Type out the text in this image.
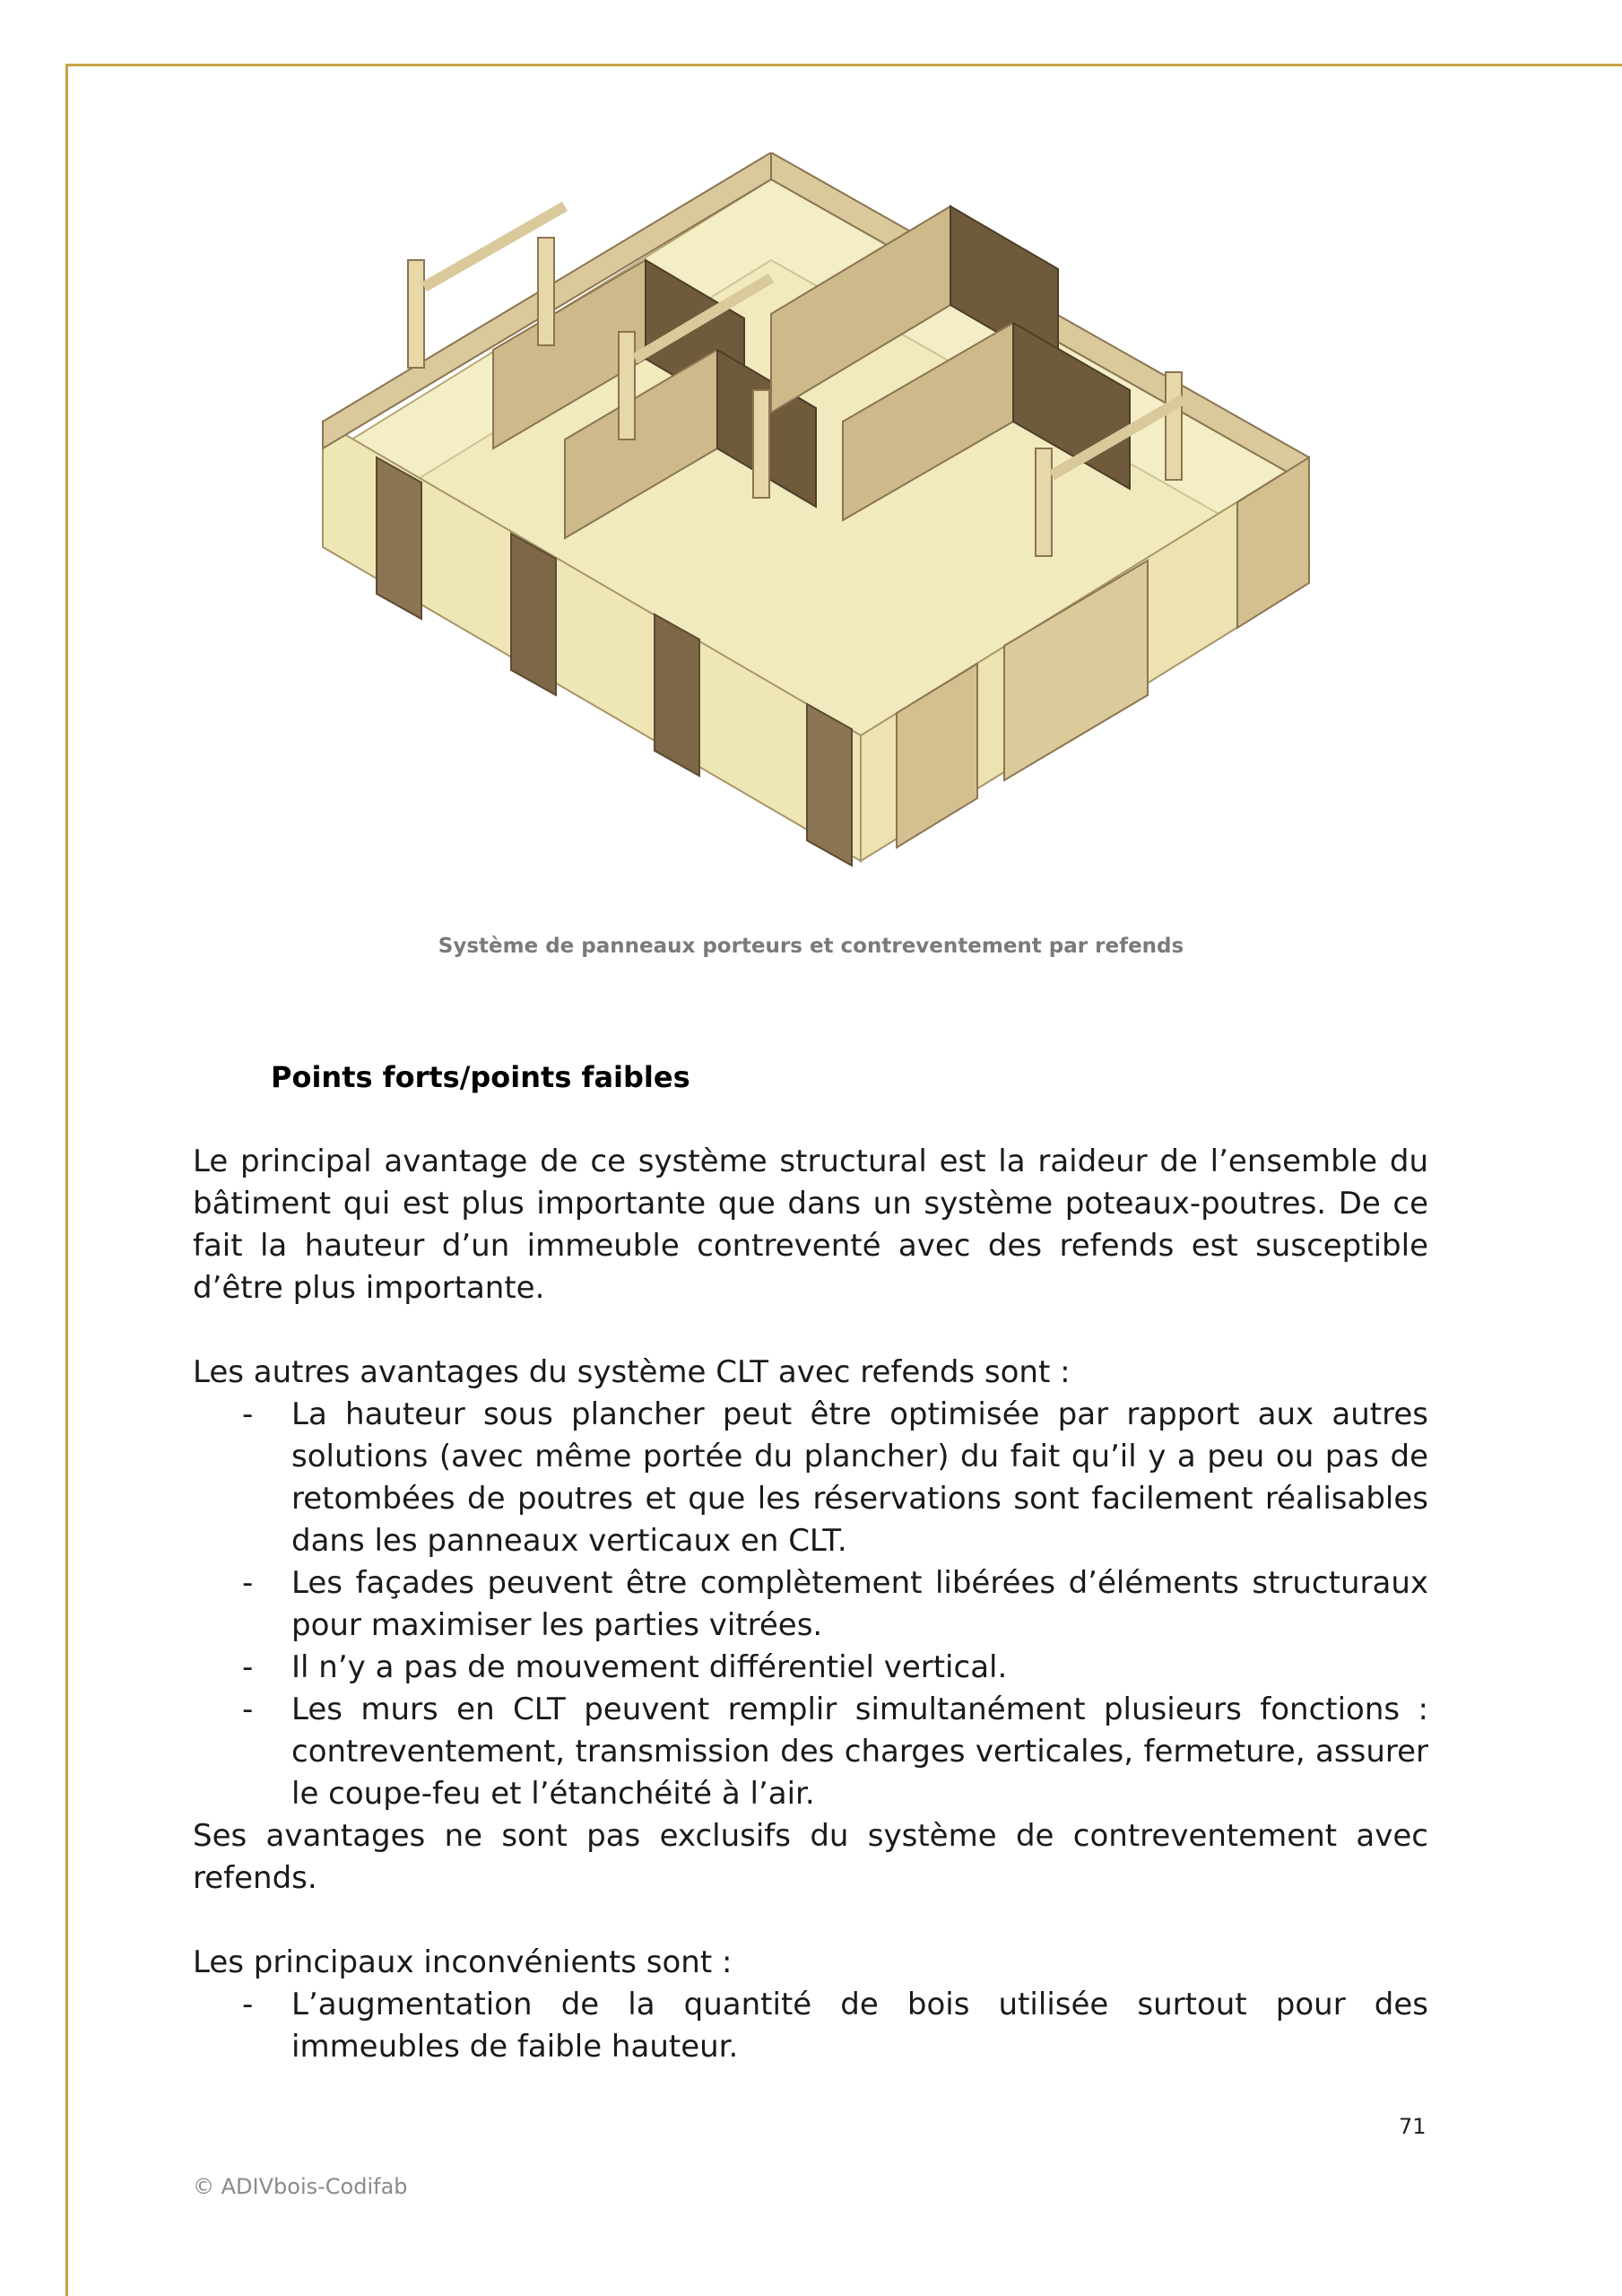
Système de panneaux porteurs et contreventement par refends
Points forts/points faibles

Le principal avantage de ce système structural est la raideur de l’ensemble du bâtiment qui est plus importante que dans un système poteaux-poutres. De ce fait la hauteur d’un immeuble contreventé avec des refends est susceptible d’être plus importante.

Les autres avantages du système CLT avec refends sont :

- La hauteur sous plancher peut être optimisée par rapport aux autres solutions (avec même portée du plancher) du fait qu’il y a peu ou pas de retombées de poutres et que les réservations sont facilement réalisables dans les panneaux verticaux en CLT.
- Les façades peuvent être complètement libérées d’éléments structuraux pour maximiser les parties vitrées.
- Il n’y a pas de mouvement différentiel vertical.
- Les murs en CLT peuvent remplir simultanément plusieurs fonctions : contreventement, transmission des charges verticales, fermeture, assurer le coupe-feu et l’étanchéité à l’air.

Ses avantages ne sont pas exclusifs du système de contreventement avec refends.

Les principaux inconvénients sont :

- L’augmentation de la quantité de bois utilisée surtout pour des immeubles de faible hauteur.
71
© ADIVbois-Codifab
